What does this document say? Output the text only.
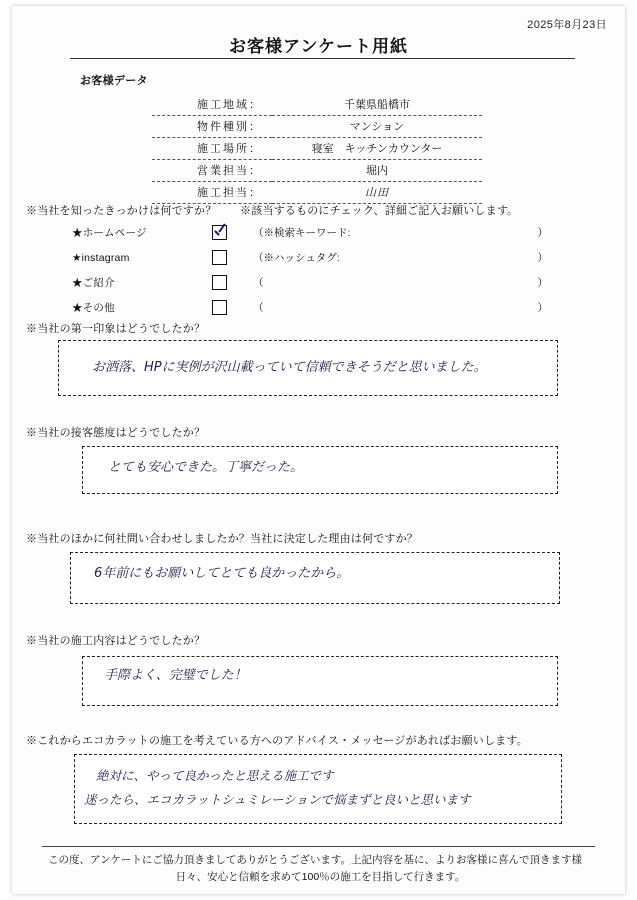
2025年8月23日
お客様アンケート用紙
お客様データ
施工地域：	千葉県船橋市
物件種別：	マンション
施工場所：	寝室　キッチンカウンター
営業担当：	堀内
施工担当：	山田
※当社を知ったきっかけは何ですか？ ※該当するものにチェック、詳細ご記入お願いします。
★ホームページ	（※検索キーワード:	）
★instagram	（※ハッシュタグ:	）
★ご紹介	（	）
★その他	（	）
※当社の第一印象はどうでしたか？
お洒落、HPに実例が沢山載っていて信頼できそうだと思いました。
※当社の接客態度はどうでしたか？
とても安心できた。丁寧だった。
※当社のほかに何社問い合わせしましたか？当社に決定した理由は何ですか？
6年前にもお願いしてとても良かったから。
※当社の施工内容はどうでしたか？
手際よく、完璧でした！
※これからエコカラットの施工を考えている方へのアドバイス・メッセージがあればお願いします。
絶対に、やって良かったと思える施工です
迷ったら、エコカラットシュミレーションで悩まずと良いと思います
この度、アンケートにご協力頂きましてありがとうございます。上記内容を基に、よりお客様に喜んで頂きます様
日々、安心と信頼を求めて100％の施工を目指して行きます。
